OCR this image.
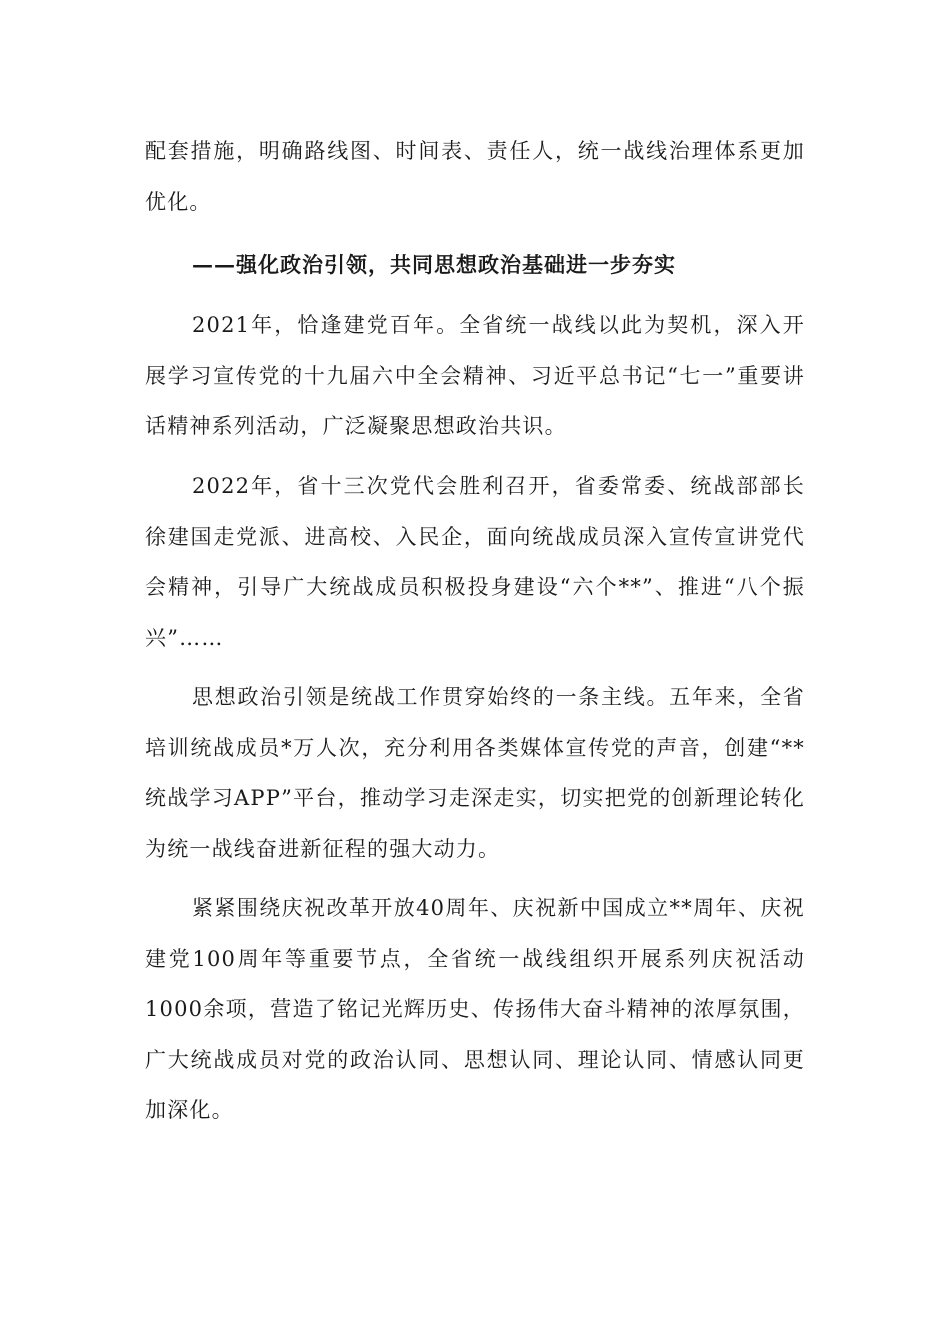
配套措施，明确路线图、时间表、责任人，统一战线治理体系更加优化。

——强化政治引领，共同思想政治基础进一步夯实

2021年，恰逢建党百年。全省统一战线以此为契机，深入开展学习宣传党的十九届六中全会精神、习近平总书记“七一”重要讲话精神系列活动，广泛凝聚思想政治共识。

2022年，省十三次党代会胜利召开，省委常委、统战部部长徐建国走党派、进高校、入民企，面向统战成员深入宣传宣讲党代会精神，引导广大统战成员积极投身建设“六个**”、推进“八个振兴”……

思想政治引领是统战工作贯穿始终的一条主线。五年来，全省培训统战成员*万人次，充分利用各类媒体宣传党的声音，创建“**统战学习APP”平台，推动学习走深走实，切实把党的创新理论转化为统一战线奋进新征程的强大动力。

紧紧围绕庆祝改革开放40周年、庆祝新中国成立**周年、庆祝建党100周年等重要节点，全省统一战线组织开展系列庆祝活动1000余项，营造了铭记光辉历史、传扬伟大奋斗精神的浓厚氛围，广大统战成员对党的政治认同、思想认同、理论认同、情感认同更加深化。
